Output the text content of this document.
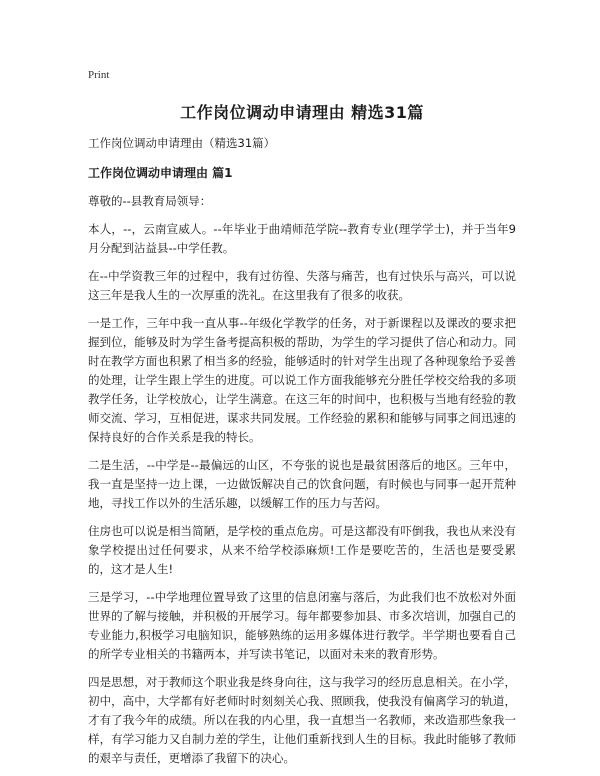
Print
工作岗位调动申请理由 精选31篇
工作岗位调动申请理由（精选31篇）
工作岗位调动申请理由 篇1

尊敬的--县教育局领导：

本人，--，云南宣威人。--年毕业于曲靖师范学院--教育专业(理学学士)，并于当年9月分配到沾益县--中学任教。

在--中学资教三年的过程中，我有过彷徨、失落与痛苦，也有过快乐与高兴，可以说这三年是我人生的一次厚重的洗礼。在这里我有了很多的收获。

一是工作，三年中我一直从事--年级化学教学的任务，对于新课程以及课改的要求把握到位，能够及时为学生备考提高积极的帮助，为学生的学习提供了信心和动力。同时在教学方面也积累了相当多的经验，能够适时的针对学生出现了各种现象给予妥善的处理，让学生跟上学生的进度。可以说工作方面我能够充分胜任学校交给我的多项教学任务，让学校放心，让学生满意。在这三年的时间中，也积极与当地有经验的教师交流、学习，互相促进，谋求共同发展。工作经验的累积和能够与同事之间迅速的保持良好的合作关系是我的特长。

二是生活，--中学是--最偏远的山区，不夸张的说也是最贫困落后的地区。三年中，我一直是坚持一边上课，一边做饭解决自己的饮食问题，有时候也与同事一起开荒种地，寻找工作以外的生活乐趣，以缓解工作的压力与苦闷。

住房也可以说是相当简陋，是学校的重点危房。可是这都没有吓倒我，我也从来没有象学校提出过任何要求，从来不给学校添麻烦!工作是要吃苦的，生活也是要受累的，这才是人生!

三是学习，--中学地理位置导致了这里的信息闭塞与落后，为此我们也不放松对外面世界的了解与接触，并积极的开展学习。每年都要参加县、市多次培训，加强自己的专业能力,积极学习电脑知识，能够熟练的运用多媒体进行教学。半学期也要看自己的所学专业相关的书籍两本，并写读书笔记，以面对未来的教育形势。

四是思想，对于教师这个职业我是终身向往，这与我学习的经历息息相关。在小学，初中，高中，大学都有好老师时时刻刻关心我、照顾我，使我没有偏离学习的轨道，才有了我今年的成绩。所以在我的内心里，我一直想当一名教师，来改造那些象我一样，有学习能力又自制力差的学生，让他们重新找到人生的目标。我此时能够了教师的艰辛与责任，更增添了我留下的决心。
